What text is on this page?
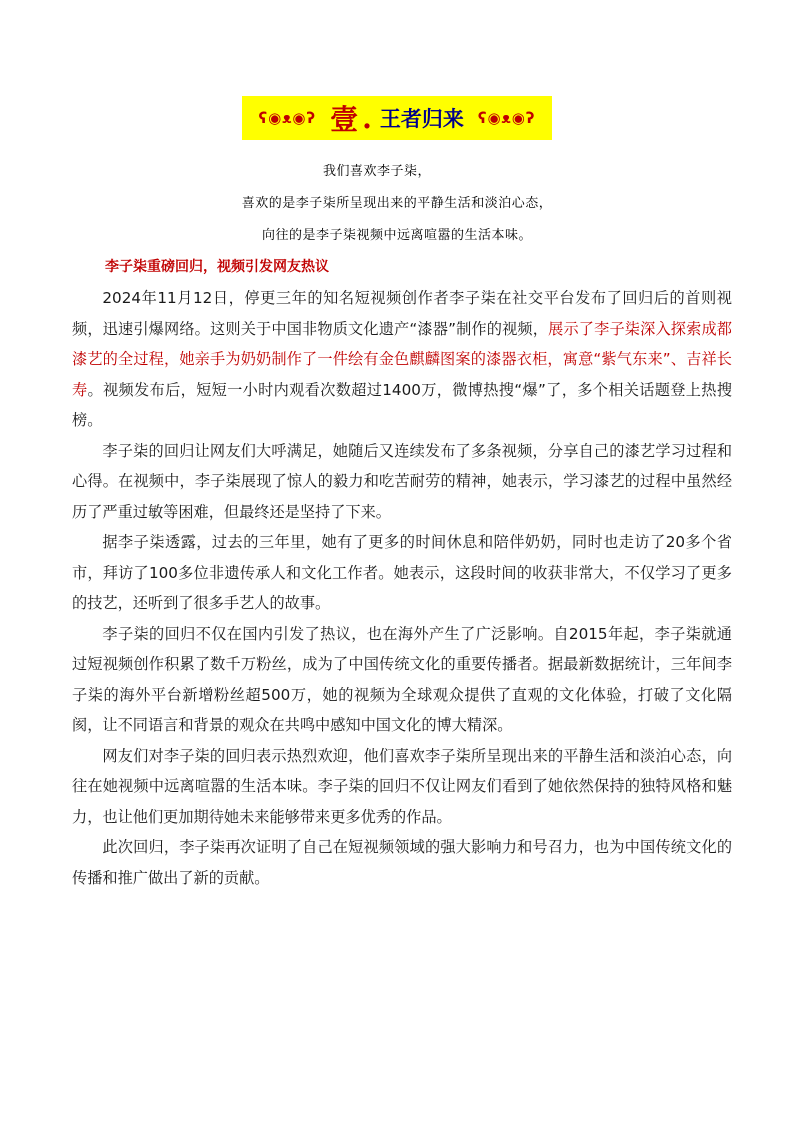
ʕ◉ᴥ◉ʔ 壹 . 王者归来 ʕ◉ᴥ◉ʔ
我们喜欢李子柒，
喜欢的是李子柒所呈现出来的平静生活和淡泊心态，
向往的是李子柒视频中远离喧嚣的生活本味。
李子柒重磅回归，视频引发网友热议

2024年11月12日，停更三年的知名短视频创作者李子柒在社交平台发布了回归后的首则视频，迅速引爆网络。这则关于中国非物质文化遗产“漆器”制作的视频，展示了李子柒深入探索成都漆艺的全过程，她亲手为奶奶制作了一件绘有金色麒麟图案的漆器衣柜，寓意“紫气东来”、吉祥长寿。视频发布后，短短一小时内观看次数超过1400万，微博热搜“爆”了，多个相关话题登上热搜榜。

李子柒的回归让网友们大呼满足，她随后又连续发布了多条视频，分享自己的漆艺学习过程和心得。在视频中，李子柒展现了惊人的毅力和吃苦耐劳的精神，她表示，学习漆艺的过程中虽然经历了严重过敏等困难，但最终还是坚持了下来。

据李子柒透露，过去的三年里，她有了更多的时间休息和陪伴奶奶，同时也走访了20多个省市，拜访了100多位非遗传承人和文化工作者。她表示，这段时间的收获非常大，不仅学习了更多的技艺，还听到了很多手艺人的故事。

李子柒的回归不仅在国内引发了热议，也在海外产生了广泛影响。自2015年起，李子柒就通过短视频创作积累了数千万粉丝，成为了中国传统文化的重要传播者。据最新数据统计，三年间李子柒的海外平台新增粉丝超500万，她的视频为全球观众提供了直观的文化体验，打破了文化隔阂，让不同语言和背景的观众在共鸣中感知中国文化的博大精深。

网友们对李子柒的回归表示热烈欢迎，他们喜欢李子柒所呈现出来的平静生活和淡泊心态，向往在她视频中远离喧嚣的生活本味。李子柒的回归不仅让网友们看到了她依然保持的独特风格和魅力，也让他们更加期待她未来能够带来更多优秀的作品。

此次回归，李子柒再次证明了自己在短视频领域的强大影响力和号召力，也为中国传统文化的传播和推广做出了新的贡献。
